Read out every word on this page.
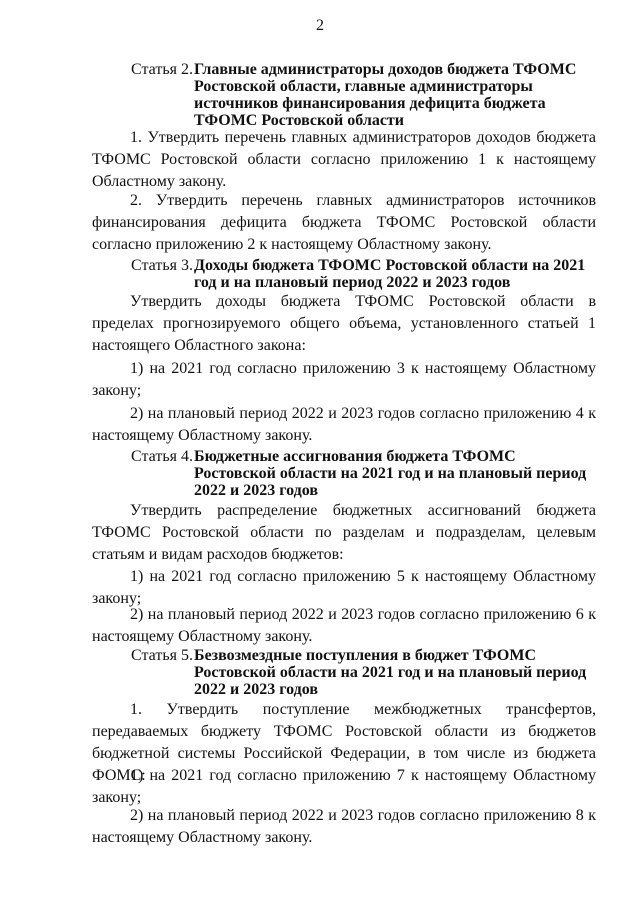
2
Статья 2. Главные администраторы доходов бюджета ТФОМС Ростовской области, главные администраторы источников финансирования дефицита бюджета ТФОМС Ростовской области
1. Утвердить перечень главных администраторов доходов бюджета ТФОМС Ростовской области согласно приложению 1 к настоящему Областному закону.
2. Утвердить перечень главных администраторов источников финансирования дефицита бюджета ТФОМС Ростовской области согласно приложению 2 к настоящему Областному закону.
Статья 3. Доходы бюджета ТФОМС Ростовской области на 2021 год и на плановый период 2022 и 2023 годов
Утвердить доходы бюджета ТФОМС Ростовской области в пределах прогнозируемого общего объема, установленного статьей 1 настоящего Областного закона:
1) на 2021 год согласно приложению 3 к настоящему Областному закону;
2) на плановый период 2022 и 2023 годов согласно приложению 4 к настоящему Областному закону.
Статья 4. Бюджетные ассигнования бюджета ТФОМС Ростовской области на 2021 год и на плановый период 2022 и 2023 годов
Утвердить распределение бюджетных ассигнований бюджета ТФОМС Ростовской области по разделам и подразделам, целевым статьям и видам расходов бюджетов:
1) на 2021 год согласно приложению 5 к настоящему Областному закону;
2) на плановый период 2022 и 2023 годов согласно приложению 6 к настоящему Областному закону.
Статья 5. Безвозмездные поступления в бюджет ТФОМС Ростовской области на 2021 год и на плановый период 2022 и 2023 годов
1. Утвердить поступление межбюджетных трансфертов, передаваемых бюджету ТФОМС Ростовской области из бюджетов бюджетной системы Российской Федерации, в том числе из бюджета ФОМС:
1) на 2021 год согласно приложению 7 к настоящему Областному закону;
2) на плановый период 2022 и 2023 годов согласно приложению 8 к настоящему Областному закону.
